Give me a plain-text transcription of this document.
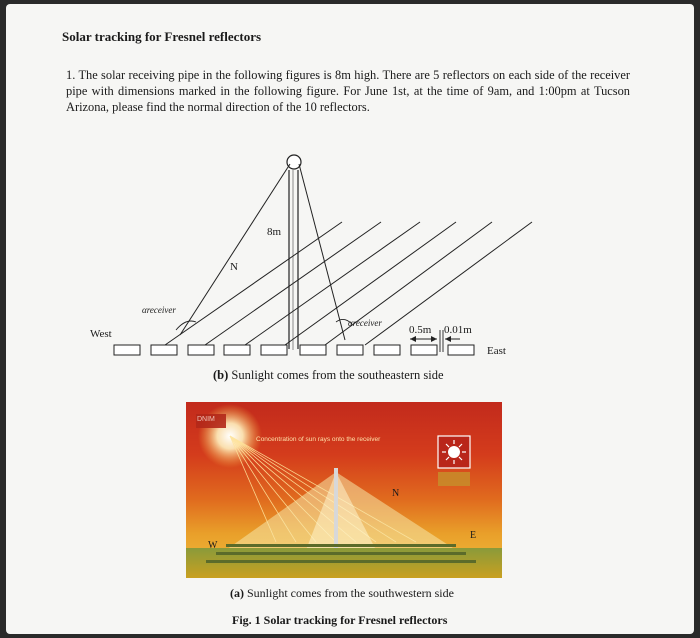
Solar tracking for Fresnel reflectors
1. The solar receiving pipe in the following figures is 8m high. There are 5 reflectors on each side of the receiver pipe with dimensions marked in the following figure. For June 1st, at the time of 9am, and 1:00pm at Tucson Arizona, please find the normal direction of the 10 reflectors.
8m
N
West
East
αreceiver
αreceiver
0.5m 0.01m
(b) Sunlight comes from the southeastern side
DNIM
Concentration of sun rays onto the receiver
N
W
E
(a) Sunlight comes from the southwestern side
Fig. 1 Solar tracking for Fresnel reflectors
